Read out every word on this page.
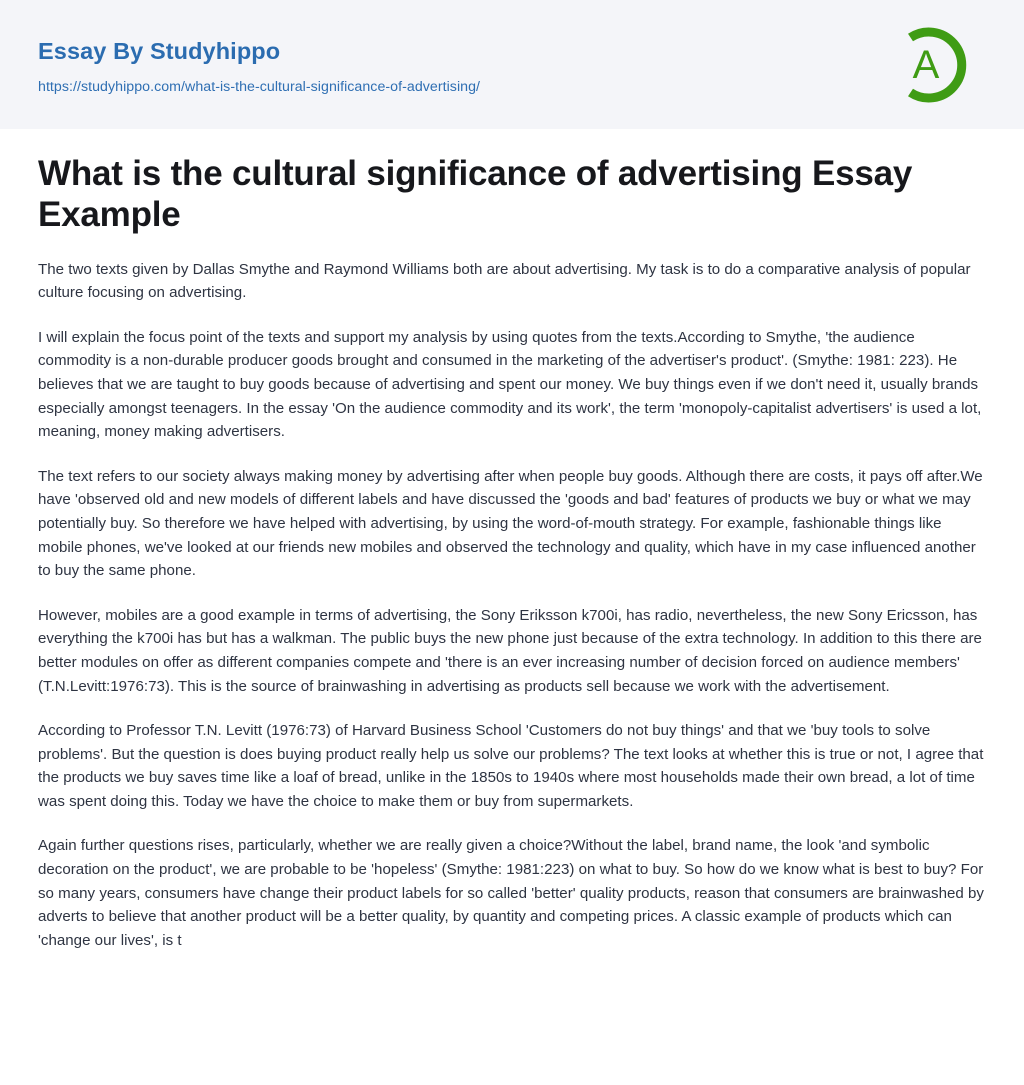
Essay By Studyhippo
https://studyhippo.com/what-is-the-cultural-significance-of-advertising/
A
What is the cultural significance of advertising Essay Example

The two texts given by Dallas Smythe and Raymond Williams both are about advertising. My task is to do a comparative analysis of popular culture focusing on advertising.

I will explain the focus point of the texts and support my analysis by using quotes from the texts.According to Smythe, 'the audience commodity is a non-durable producer goods brought and consumed in the marketing of the advertiser's product'. (Smythe: 1981: 223). He believes that we are taught to buy goods because of advertising and spent our money. We buy things even if we don't need it, usually brands especially amongst teenagers. In the essay 'On the audience commodity and its work', the term 'monopoly-capitalist advertisers' is used a lot, meaning, money making advertisers.

The text refers to our society always making money by advertising after when people buy goods. Although there are costs, it pays off after.We have 'observed old and new models of different labels and have discussed the 'goods and bad' features of products we buy or what we may potentially buy. So therefore we have helped with advertising, by using the word-of-mouth strategy. For example, fashionable things like mobile phones, we've looked at our friends new mobiles and observed the technology and quality, which have in my case influenced another to buy the same phone.

However, mobiles are a good example in terms of advertising, the Sony Eriksson k700i, has radio, nevertheless, the new Sony Ericsson, has everything the k700i has but has a walkman. The public buys the new phone just because of the extra technology. In addition to this there are better modules on offer as different companies compete and 'there is an ever increasing number of decision forced on audience members' (T.N.Levitt:1976:73). This is the source of brainwashing in advertising as products sell because we work with the advertisement.

According to Professor T.N. Levitt (1976:73) of Harvard Business School 'Customers do not buy things' and that we 'buy tools to solve problems'. But the question is does buying product really help us solve our problems? The text looks at whether this is true or not, I agree that the products we buy saves time like a loaf of bread, unlike in the 1850s to 1940s where most households made their own bread, a lot of time was spent doing this. Today we have the choice to make them or buy from supermarkets.

Again further questions rises, particularly, whether we are really given a choice?Without the label, brand name, the look 'and symbolic decoration on the product', we are probable to be 'hopeless' (Smythe: 1981:223) on what to buy. So how do we know what is best to buy? For so many years, consumers have change their product labels for so called 'better' quality products, reason that consumers are brainwashed by adverts to believe that another product will be a better quality, by quantity and competing prices. A classic example of products which can 'change our lives', is t
